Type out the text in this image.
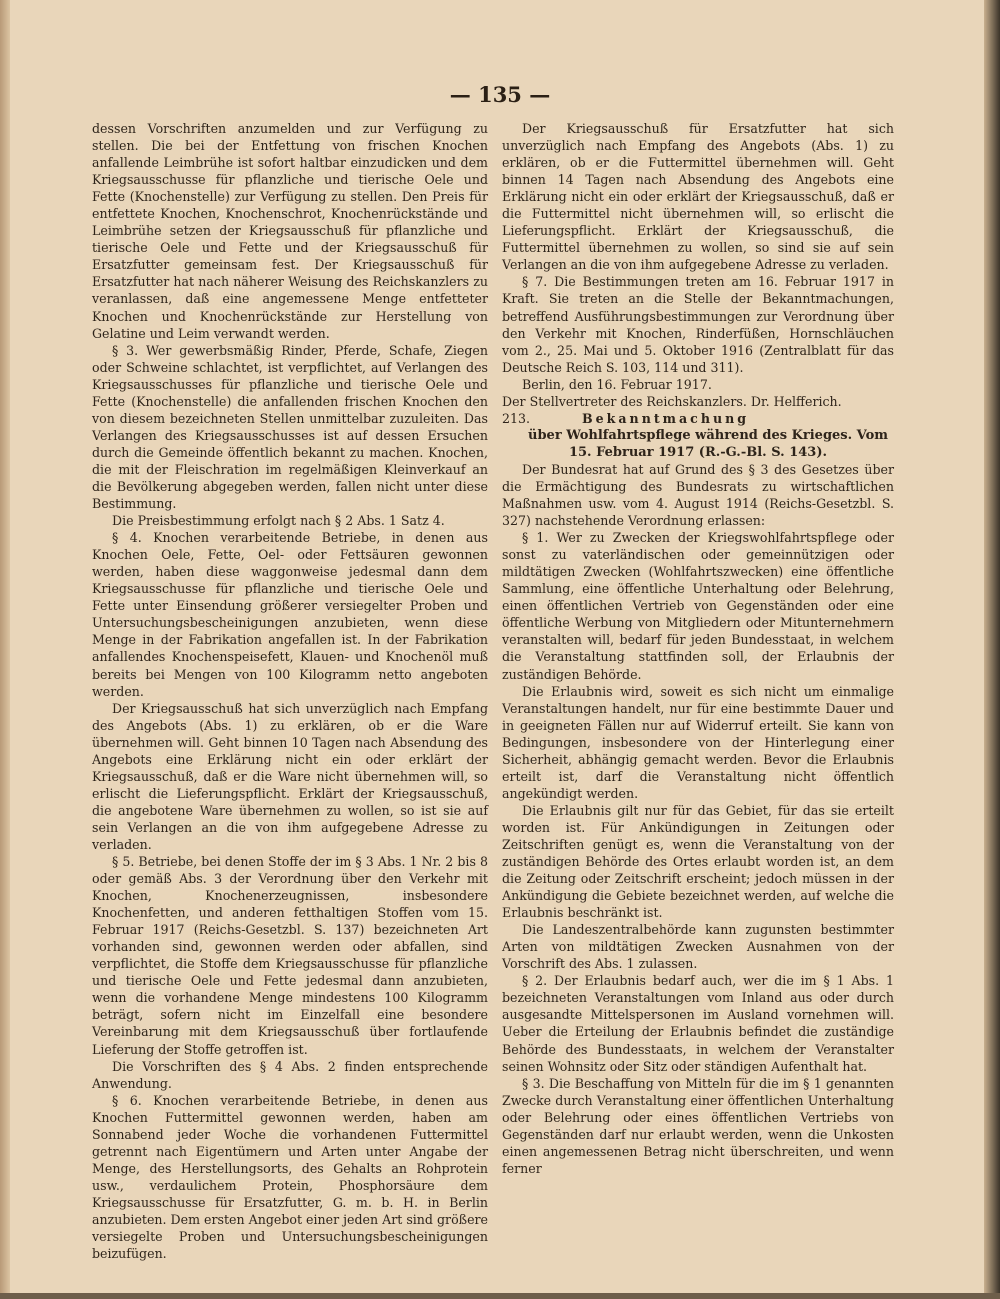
— 135 —

dessen Vorschriften anzumelden und zur Verfügung zu stellen. Die bei der Entfettung von frischen Knochen anfallende Leimbrühe ist sofort haltbar einzudicken und dem Kriegsausschusse für pflanzliche und tierische Oele und Fette (Knochenstelle) zur Verfügung zu stellen. Den Preis für entfettete Knochen, Knochenschrot, Knochenrückstände und Leimbrühe setzen der Kriegsausschuß für pflanzliche und tierische Oele und Fette und der Kriegsausschuß für Ersatzfutter gemeinsam fest. Der Kriegsausschuß für Ersatzfutter hat nach näherer Weisung des Reichskanzlers zu veranlassen, daß eine angemessene Menge entfetteter Knochen und Knochenrückstände zur Herstellung von Gelatine und Leim verwandt werden.

§ 3. Wer gewerbsmäßig Rinder, Pferde, Schafe, Ziegen oder Schweine schlachtet, ist verpflichtet, auf Verlangen des Kriegsausschusses für pflanzliche und tierische Oele und Fette (Knochenstelle) die anfallenden frischen Knochen den von diesem bezeichneten Stellen unmittelbar zuzuleiten. Das Verlangen des Kriegsausschusses ist auf dessen Ersuchen durch die Gemeinde öffentlich bekannt zu machen. Knochen, die mit der Fleischration im regelmäßigen Kleinverkauf an die Bevölkerung abgegeben werden, fallen nicht unter diese Bestimmung.

Die Preisbestimmung erfolgt nach § 2 Abs. 1 Satz 4.

§ 4. Knochen verarbeitende Betriebe, in denen aus Knochen Oele, Fette, Oel- oder Fettsäuren gewonnen werden, haben diese waggonweise jedesmal dann dem Kriegsausschusse für pflanzliche und tierische Oele und Fette unter Einsendung größerer versiegelter Proben und Untersuchungsbescheinigungen anzubieten, wenn diese Menge in der Fabrikation angefallen ist. In der Fabrikation anfallendes Knochenspeisefett, Klauen- und Knochenöl muß bereits bei Mengen von 100 Kilogramm netto angeboten werden.

Der Kriegsausschuß hat sich unverzüglich nach Empfang des Angebots (Abs. 1) zu erklären, ob er die Ware übernehmen will. Geht binnen 10 Tagen nach Absendung des Angebots eine Erklärung nicht ein oder erklärt der Kriegsausschuß, daß er die Ware nicht übernehmen will, so erlischt die Lieferungspflicht. Erklärt der Kriegsausschuß, die angebotene Ware übernehmen zu wollen, so ist sie auf sein Verlangen an die von ihm aufgegebene Adresse zu verladen.

§ 5. Betriebe, bei denen Stoffe der im § 3 Abs. 1 Nr. 2 bis 8 oder gemäß Abs. 3 der Verordnung über den Verkehr mit Knochen, Knochenerzeugnissen, insbesondere Knochenfetten, und anderen fetthaltigen Stoffen vom 15. Februar 1917 (Reichs-Gesetzbl. S. 137) bezeichneten Art vorhanden sind, gewonnen werden oder abfallen, sind verpflichtet, die Stoffe dem Kriegsausschusse für pflanzliche und tierische Oele und Fette jedesmal dann anzubieten, wenn die vorhandene Menge mindestens 100 Kilogramm beträgt, sofern nicht im Einzelfall eine besondere Vereinbarung mit dem Kriegsausschuß über fortlaufende Lieferung der Stoffe getroffen ist.

Die Vorschriften des § 4 Abs. 2 finden entsprechende Anwendung.

§ 6. Knochen verarbeitende Betriebe, in denen aus Knochen Futtermittel gewonnen werden, haben am Sonnabend jeder Woche die vorhandenen Futtermittel getrennt nach Eigentümern und Arten unter Angabe der Menge, des Herstellungsorts, des Gehalts an Rohprotein usw., verdaulichem Protein, Phosphorsäure dem Kriegsausschusse für Ersatzfutter, G. m. b. H. in Berlin anzubieten. Dem ersten Angebot einer jeden Art sind größere versiegelte Proben und Untersuchungsbescheinigungen beizufügen.

Der Kriegsausschuß für Ersatzfutter hat sich unverzüglich nach Empfang des Angebots (Abs. 1) zu erklären, ob er die Futtermittel übernehmen will. Geht binnen 14 Tagen nach Absendung des Angebots eine Erklärung nicht ein oder erklärt der Kriegsausschuß, daß er die Futtermittel nicht übernehmen will, so erlischt die Lieferungspflicht. Erklärt der Kriegsausschuß, die Futtermittel übernehmen zu wollen, so sind sie auf sein Verlangen an die von ihm aufgegebene Adresse zu verladen.

§ 7. Die Bestimmungen treten am 16. Februar 1917 in Kraft. Sie treten an die Stelle der Bekanntmachungen, betreffend Ausführungsbestimmungen zur Verordnung über den Verkehr mit Knochen, Rinderfüßen, Hornschläuchen vom 2., 25. Mai und 5. Oktober 1916 (Zentralblatt für das Deutsche Reich S. 103, 114 und 311).

Berlin, den 16. Februar 1917.

Der Stellvertreter des Reichskanzlers. Dr. Helfferich.

213.	Bekanntmachung

über Wohlfahrtspflege während des Krieges. Vom 15. Februar 1917 (R.-G.-Bl. S. 143).

Der Bundesrat hat auf Grund des § 3 des Gesetzes über die Ermächtigung des Bundesrats zu wirtschaftlichen Maßnahmen usw. vom 4. August 1914 (Reichs-Gesetzbl. S. 327) nachstehende Verordnung erlassen:

§ 1. Wer zu Zwecken der Kriegswohlfahrtspflege oder sonst zu vaterländischen oder gemeinnützigen oder mildtätigen Zwecken (Wohlfahrtszwecken) eine öffentliche Sammlung, eine öffentliche Unterhaltung oder Belehrung, einen öffentlichen Vertrieb von Gegenständen oder eine öffentliche Werbung von Mitgliedern oder Mitunternehmern veranstalten will, bedarf für jeden Bundesstaat, in welchem die Veranstaltung stattfinden soll, der Erlaubnis der zuständigen Behörde.

Die Erlaubnis wird, soweit es sich nicht um einmalige Veranstaltungen handelt, nur für eine bestimmte Dauer und in geeigneten Fällen nur auf Widerruf erteilt. Sie kann von Bedingungen, insbesondere von der Hinterlegung einer Sicherheit, abhängig gemacht werden. Bevor die Erlaubnis erteilt ist, darf die Veranstaltung nicht öffentlich angekündigt werden.

Die Erlaubnis gilt nur für das Gebiet, für das sie erteilt worden ist. Für Ankündigungen in Zeitungen oder Zeitschriften genügt es, wenn die Veranstaltung von der zuständigen Behörde des Ortes erlaubt worden ist, an dem die Zeitung oder Zeitschrift erscheint; jedoch müssen in der Ankündigung die Gebiete bezeichnet werden, auf welche die Erlaubnis beschränkt ist.

Die Landeszentralbehörde kann zugunsten bestimmter Arten von mildtätigen Zwecken Ausnahmen von der Vorschrift des Abs. 1 zulassen.

§ 2. Der Erlaubnis bedarf auch, wer die im § 1 Abs. 1 bezeichneten Veranstaltungen vom Inland aus oder durch ausgesandte Mittelspersonen im Ausland vornehmen will. Ueber die Erteilung der Erlaubnis befindet die zuständige Behörde des Bundesstaats, in welchem der Veranstalter seinen Wohnsitz oder Sitz oder ständigen Aufenthalt hat.

§ 3. Die Beschaffung von Mitteln für die im § 1 genannten Zwecke durch Veranstaltung einer öffentlichen Unterhaltung oder Belehrung oder eines öffentlichen Vertriebs von Gegenständen darf nur erlaubt werden, wenn die Unkosten einen angemessenen Betrag nicht überschreiten, und wenn ferner
